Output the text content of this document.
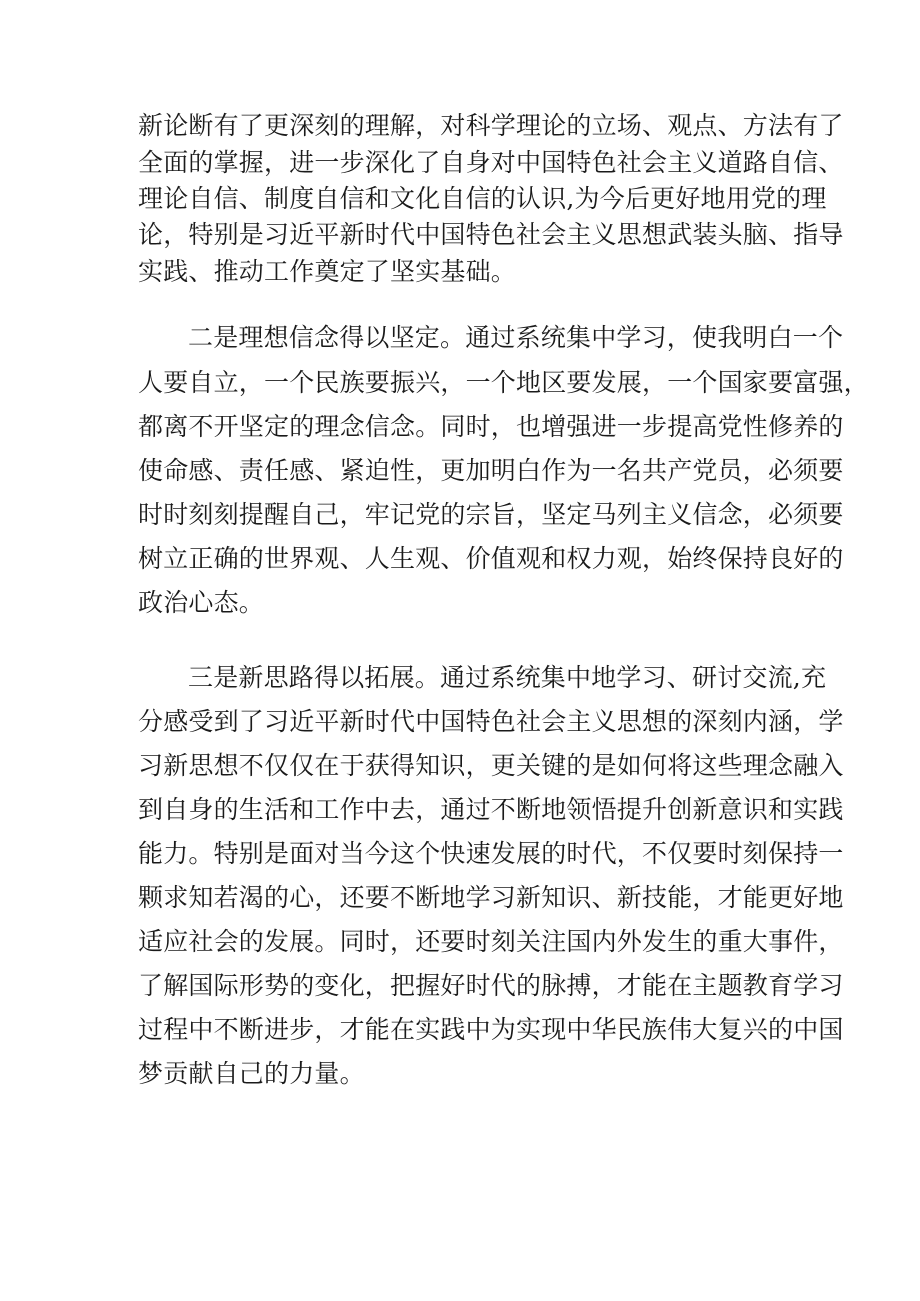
新论断有了更深刻的理解，对科学理论的立场、观点、方法有了
全面的掌握，进一步深化了自身对中国特色社会主义道路自信、
理论自信、制度自信和文化自信的认识,为今后更好地用党的理
论，特别是习近平新时代中国特色社会主义思想武装头脑、指导
实践、推动工作奠定了坚实基础。
二是理想信念得以坚定。通过系统集中学习，使我明白一个
人要自立，一个民族要振兴，一个地区要发展，一个国家要富强，
都离不开坚定的理念信念。同时，也增强进一步提高党性修养的
使命感、责任感、紧迫性，更加明白作为一名共产党员，必须要
时时刻刻提醒自己，牢记党的宗旨，坚定马列主义信念，必须要
树立正确的世界观、人生观、价值观和权力观，始终保持良好的
政治心态。
三是新思路得以拓展。通过系统集中地学习、研讨交流,充
分感受到了习近平新时代中国特色社会主义思想的深刻内涵，学
习新思想不仅仅在于获得知识，更关键的是如何将这些理念融入
到自身的生活和工作中去，通过不断地领悟提升创新意识和实践
能力。特别是面对当今这个快速发展的时代，不仅要时刻保持一
颗求知若渴的心，还要不断地学习新知识、新技能，才能更好地
适应社会的发展。同时，还要时刻关注国内外发生的重大事件，
了解国际形势的变化，把握好时代的脉搏，才能在主题教育学习
过程中不断进步，才能在实践中为实现中华民族伟大复兴的中国
梦贡献自己的力量。
